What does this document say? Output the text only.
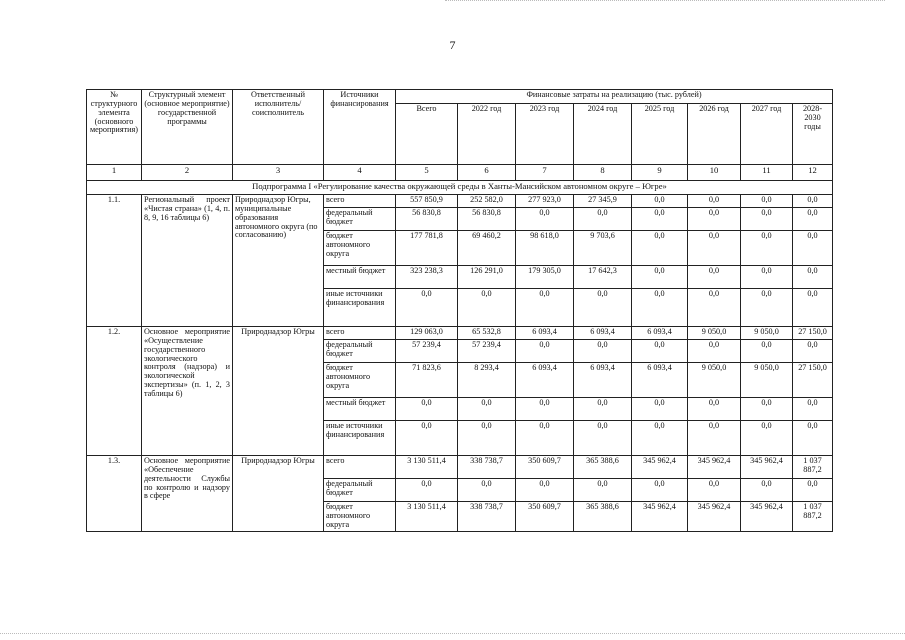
7
№ структурного элемента (основного мероприятия)	Структурный элемент (основное мероприятие) государственной программы	Ответственный исполнитель/ соисполнитель	Источники финансирования	Финансовые затраты на реализацию (тыс. рублей)							
				Всего	2022 год	2023 год	2024 год	2025 год	2026 год	2027 год	2028-2030 годы
1	2	3	4	5	6	7	8	9	10	11	12
Подпрограмма I «Регулирование качества окружающей среды в Ханты-Мансийском автономном округе – Югре»											
1.1.	Региональный проект «Чистая страна» (1, 4, п. 8, 9, 16 таблицы 6)	Природнадзор Югры, муниципальные образования автономного округа (по согласованию)	всего	557 850,9	252 582,0	277 923,0	27 345,9	0,0	0,0	0,0	0,0
			федеральный бюджет	56 830,8	56 830,8	0,0	0,0	0,0	0,0	0,0	0,0
			бюджет автономного округа	177 781,8	69 460,2	98 618,0	9 703,6	0,0	0,0	0,0	0,0
			местный бюджет	323 238,3	126 291,0	179 305,0	17 642,3	0,0	0,0	0,0	0,0
			иные источники финансирования	0,0	0,0	0,0	0,0	0,0	0,0	0,0	0,0
1.2.	Основное мероприятие «Осуществление государственного экологического контроля (надзора) и экологической экспертизы» (п. 1, 2, 3 таблицы 6)	Природнадзор Югры	всего	129 063,0	65 532,8	6 093,4	6 093,4	6 093,4	9 050,0	9 050,0	27 150,0
			федеральный бюджет	57 239,4	57 239,4	0,0	0,0	0,0	0,0	0,0	0,0
			бюджет автономного округа	71 823,6	8 293,4	6 093,4	6 093,4	6 093,4	9 050,0	9 050,0	27 150,0
			местный бюджет	0,0	0,0	0,0	0,0	0,0	0,0	0,0	0,0
			иные источники финансирования	0,0	0,0	0,0	0,0	0,0	0,0	0,0	0,0
1.3.	Основное мероприятие «Обеспечение деятельности Службы по контролю и надзору в сфере	Природнадзор Югры	всего	3 130 511,4	338 738,7	350 609,7	365 388,6	345 962,4	345 962,4	345 962,4	1 037 887,2
			федеральный бюджет	0,0	0,0	0,0	0,0	0,0	0,0	0,0	0,0
			бюджет автономного округа	3 130 511,4	338 738,7	350 609,7	365 388,6	345 962,4	345 962,4	345 962,4	1 037 887,2
